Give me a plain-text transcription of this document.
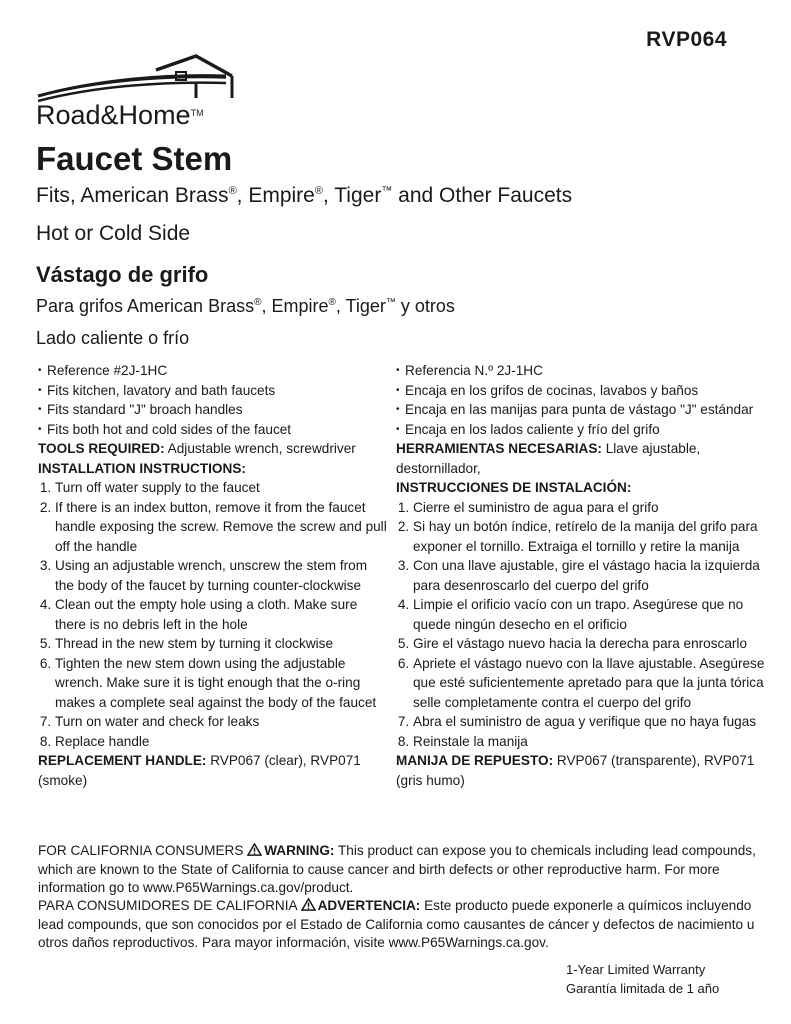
RVP064
Road&Home™
Faucet Stem
Fits, American Brass®, Empire®, Tiger™ and Other Faucets
Hot or Cold Side
Vástago de grifo
Para grifos American Brass®, Empire®, Tiger™ y otros
Lado caliente o frío
• Reference #2J-1HC
• Fits kitchen, lavatory and bath faucets
• Fits standard "J" broach handles
• Fits both hot and cold sides of the faucet

TOOLS REQUIRED: Adjustable wrench, screwdriver

INSTALLATION INSTRUCTIONS:

1. Turn off water supply to the faucet
2. If there is an index button, remove it from the faucet handle exposing the screw. Remove the screw and pull off the handle
3. Using an adjustable wrench, unscrew the stem from the body of the faucet by turning counter-clockwise
4. Clean out the empty hole using a cloth. Make sure there is no debris left in the hole
5. Thread in the new stem by turning it clockwise
6. Tighten the new stem down using the adjustable wrench. Make sure it is tight enough that the o-ring makes a complete seal against the body of the faucet
7. Turn on water and check for leaks
8. Replace handle

REPLACEMENT HANDLE: RVP067 (clear), RVP071 (smoke)

• Referencia N.º 2J-1HC
• Encaja en los grifos de cocinas, lavabos y baños
• Encaja en las manijas para punta de vástago "J" estándar
• Encaja en los lados caliente y frío del grifo

HERRAMIENTAS NECESARIAS: Llave ajustable, destornillador,

INSTRUCCIONES DE INSTALACIÓN:

1. Cierre el suministro de agua para el grifo
2. Si hay un botón índice, retírelo de la manija del grifo para exponer el tornillo. Extraiga el tornillo y retire la manija
3. Con una llave ajustable, gire el vástago hacia la izquierda para desenroscarlo del cuerpo del grifo
4. Limpie el orificio vacío con un trapo. Asegúrese que no quede ningún desecho en el orificio
5. Gire el vástago nuevo hacia la derecha para enroscarlo
6. Apriete el vástago nuevo con la llave ajustable. Asegúrese que esté suficientemente apretado para que la junta tórica selle completamente contra el cuerpo del grifo
7. Abra el suministro de agua y verifique que no haya fugas
8. Reinstale la manija

MANIJA DE REPUESTO: RVP067 (transparente), RVP071 (gris humo)

FOR CALIFORNIA CONSUMERS WARNING: This product can expose you to chemicals including lead compounds, which are known to the State of California to cause cancer and birth defects or other reproductive harm. For more information go to www.P65Warnings.ca.gov/product.

PARA CONSUMIDORES DE CALIFORNIA ADVERTENCIA: Este producto puede exponerle a químicos incluyendo lead compounds, que son conocidos por el Estado de California como causantes de cáncer y defectos de nacimiento u otros daños reproductivos. Para mayor información, visite www.P65Warnings.ca.gov.

1-Year Limited Warranty
Garantía limitada de 1 año
